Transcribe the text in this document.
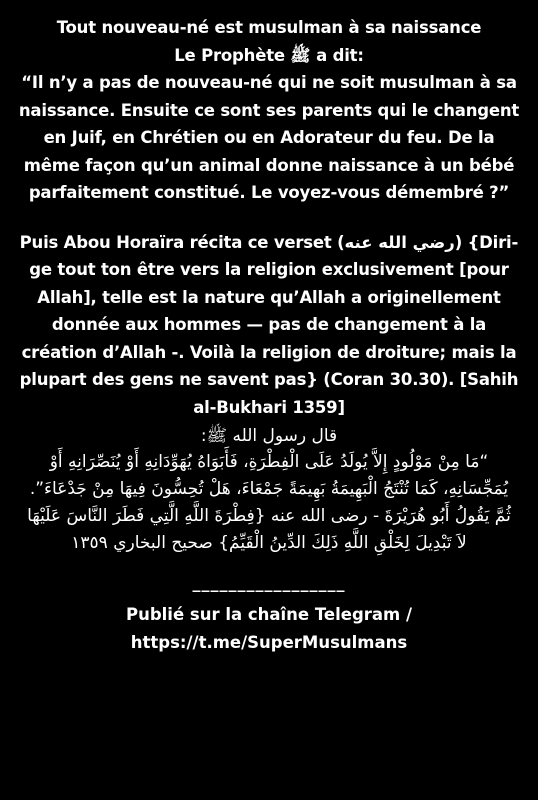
Tout nouveau-né est musulman à sa naissance

Le Prophète ﷺ a dit:

“Il n’y a pas de nouveau-né qui ne soit musulman à sa naissance. Ensuite ce sont ses parents qui le changent en Juif, en Chrétien ou en Adorateur du feu. De la même façon qu’un animal donne naissance à un bébé parfaitement constitué. Le voyez-vous démembré ?”

Puis Abou Horaïra récita ce verset (رضي الله عنه) {Dirige tout ton être vers la religion exclusivement [pour Allah], telle est la nature qu’Allah a originellement donnée aux hommes — pas de changement à la création d’Allah -. Voilà la religion de droiture; mais la plupart des gens ne savent pas} (Coran 30.30). [Sahih al-Bukhari 1359]

قال رسول الله ﷺ:

“مَا مِنْ مَوْلُودٍ إِلاَّ يُولَدُ عَلَى الْفِطْرَةِ، فَأَبَوَاهُ يُهَوِّدَانِهِ أَوْ يُنَصِّرَانِهِ أَوْ يُمَجِّسَانِهِ، كَمَا تُنْتَجُ الْبَهِيمَةُ بَهِيمَةً جَمْعَاءَ، هَلْ تُحِسُّونَ فِيهَا مِنْ جَدْعَاءَ”. ثُمَّ يَقُولُ أَبُو هُرَيْرَةَ - رضى الله عنه {فِطْرَةَ اللَّهِ الَّتِي فَطَرَ النَّاسَ عَلَيْهَا لاَ تَبْدِيلَ لِخَلْقِ اللَّهِ ذَلِكَ الدِّينُ الْقَيِّمُ} صحيح البخاري ١٣٥٩

_________________

Publié sur la chaîne Telegram /

https://t.me/SuperMusulmans
